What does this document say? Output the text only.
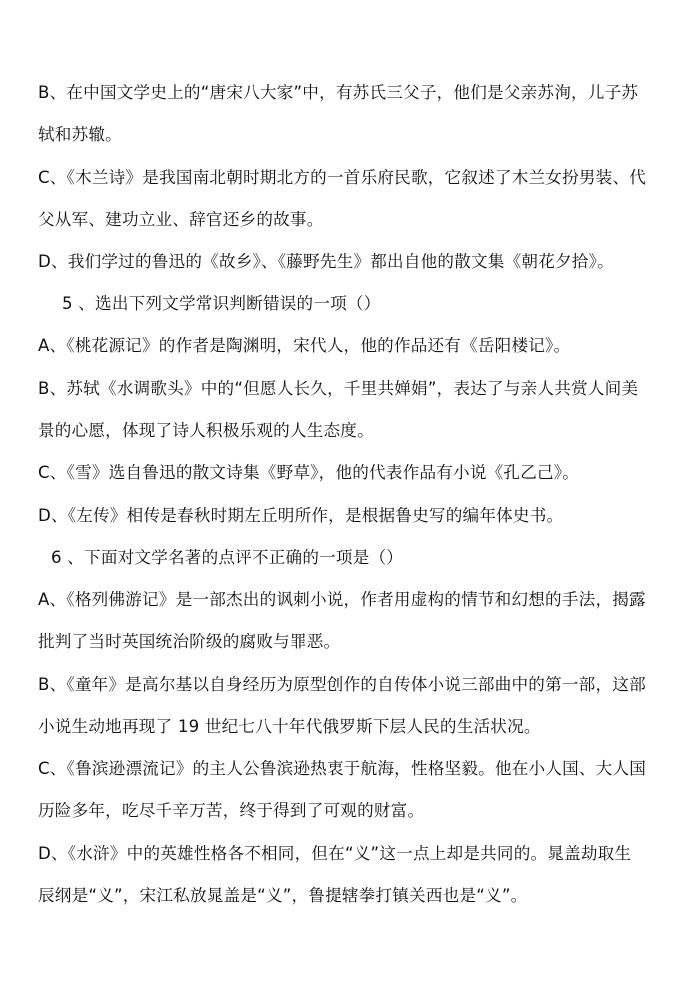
B、在中国文学史上的“唐宋八大家”中，有苏氏三父子，他们是父亲苏洵，儿子苏
轼和苏辙。
C、《木兰诗》是我国南北朝时期北方的一首乐府民歌，它叙述了木兰女扮男装、代
父从军、建功立业、辞官还乡的故事。
D、我们学过的鲁迅的《故乡》、《藤野先生》都出自他的散文集《朝花夕拾》。
5 、选出下列文学常识判断错误的一项（）
A、《桃花源记》的作者是陶渊明，宋代人，他的作品还有《岳阳楼记》。
B、苏轼《水调歌头》中的“但愿人长久，千里共婵娟”，表达了与亲人共赏人间美
景的心愿，体现了诗人积极乐观的人生态度。
C、《雪》选自鲁迅的散文诗集《野草》，他的代表作品有小说《孔乙己》。
D、《左传》相传是春秋时期左丘明所作，是根据鲁史写的编年体史书。
6 、下面对文学名著的点评不正确的一项是（）
A、《格列佛游记》是一部杰出的讽刺小说，作者用虚构的情节和幻想的手法，揭露
批判了当时英国统治阶级的腐败与罪恶。
B、《童年》是高尔基以自身经历为原型创作的自传体小说三部曲中的第一部，这部
小说生动地再现了 19 世纪七八十年代俄罗斯下层人民的生活状况。
C、《鲁滨逊漂流记》的主人公鲁滨逊热衷于航海，性格坚毅。他在小人国、大人国
历险多年，吃尽千辛万苦，终于得到了可观的财富。
D、《水浒》中的英雄性格各不相同，但在“义”这一点上却是共同的。晁盖劫取生
辰纲是“义”，宋江私放晁盖是“义”，鲁提辖拳打镇关西也是“义”。
